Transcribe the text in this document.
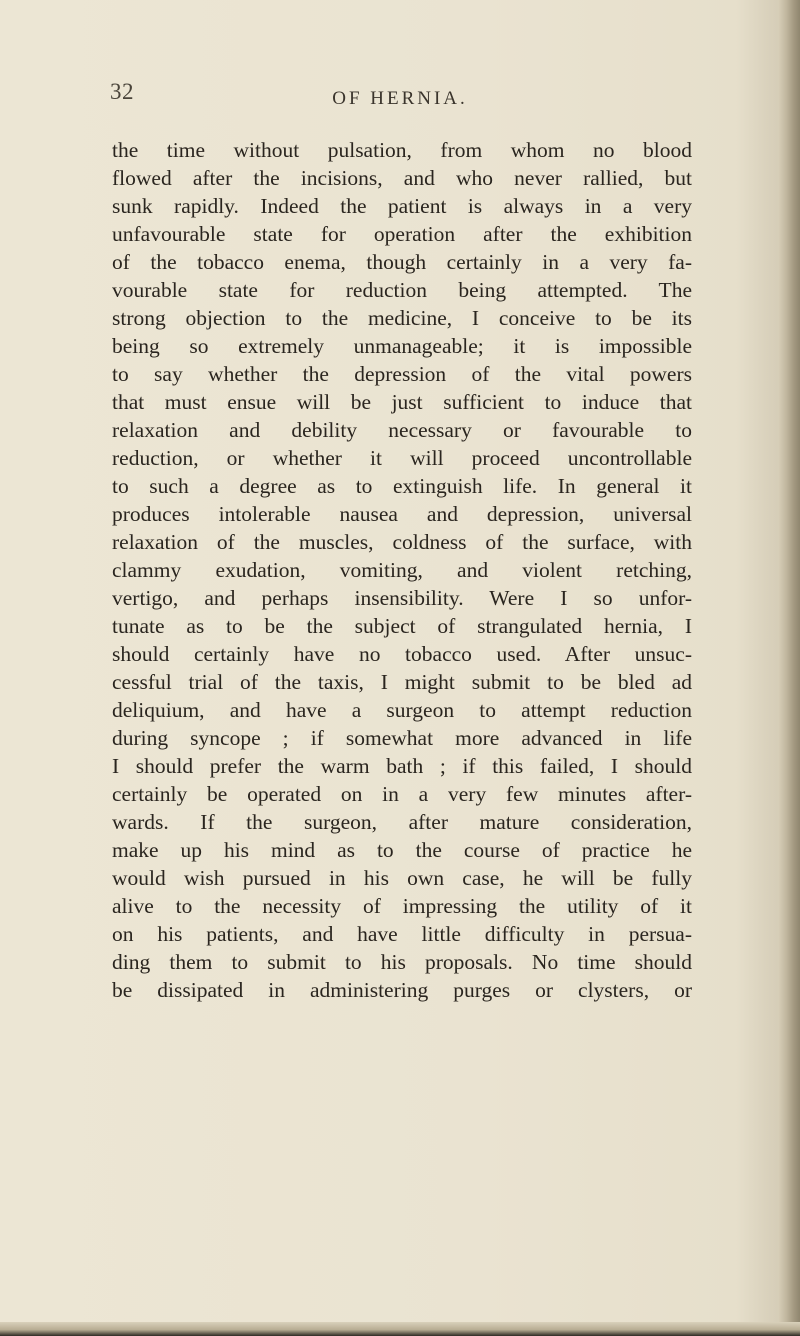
32	OF HERNIA.
the time without pulsation, from whom no blood
flowed after the incisions, and who never rallied, but
sunk rapidly. Indeed the patient is always in a very
unfavourable state for operation after the exhibition
of the tobacco enema, though certainly in a very fa-
vourable state for reduction being attempted. The
strong objection to the medicine, I conceive to be its
being so extremely unmanageable; it is impossible
to say whether the depression of the vital powers
that must ensue will be just sufficient to induce that
relaxation and debility necessary or favourable to
reduction, or whether it will proceed uncontrollable
to such a degree as to extinguish life. In general it
produces intolerable nausea and depression, universal
relaxation of the muscles, coldness of the surface, with
clammy exudation, vomiting, and violent retching,
vertigo, and perhaps insensibility. Were I so unfor-
tunate as to be the subject of strangulated hernia, I
should certainly have no tobacco used. After unsuc-
cessful trial of the taxis, I might submit to be bled ad
deliquium, and have a surgeon to attempt reduction
during syncope ; if somewhat more advanced in life
I should prefer the warm bath ; if this failed, I should
certainly be operated on in a very few minutes after-
wards. If the surgeon, after mature consideration,
make up his mind as to the course of practice he
would wish pursued in his own case, he will be fully
alive to the necessity of impressing the utility of it
on his patients, and have little difficulty in persua-
ding them to submit to his proposals. No time should
be dissipated in administering purges or clysters, or
